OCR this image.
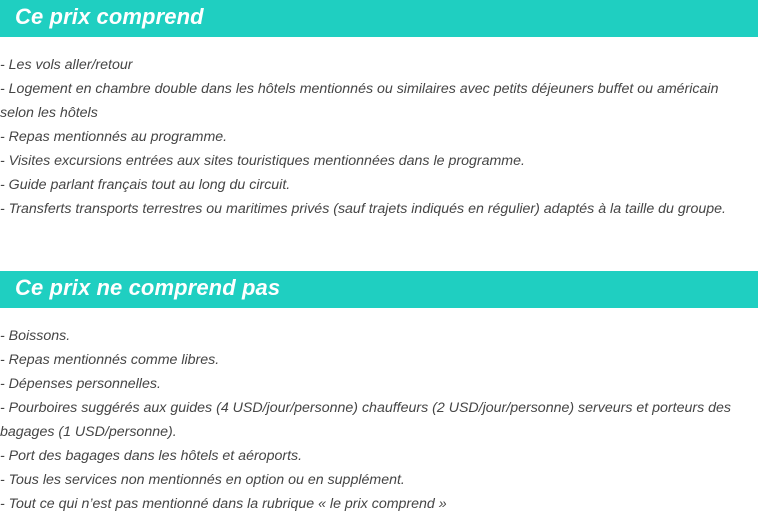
Ce prix comprend
- Les vols aller/retour
- Logement en chambre double dans les hôtels mentionnés ou similaires avec petits déjeuners buffet ou américain selon les hôtels
- Repas mentionnés au programme.
- Visites excursions entrées aux sites touristiques mentionnées dans le programme.
- Guide parlant français tout au long du circuit.
- Transferts transports terrestres ou maritimes privés (sauf trajets indiqués en régulier) adaptés à la taille du groupe.
Ce prix ne comprend pas
- Boissons.
- Repas mentionnés comme libres.
- Dépenses personnelles.
- Pourboires suggérés aux guides (4 USD/jour/personne) chauffeurs (2 USD/jour/personne) serveurs et porteurs des bagages (1 USD/personne).
- Port des bagages dans les hôtels et aéroports.
- Tous les services non mentionnés en option ou en supplément.
- Tout ce qui n’est pas mentionné dans la rubrique « le prix comprend »
